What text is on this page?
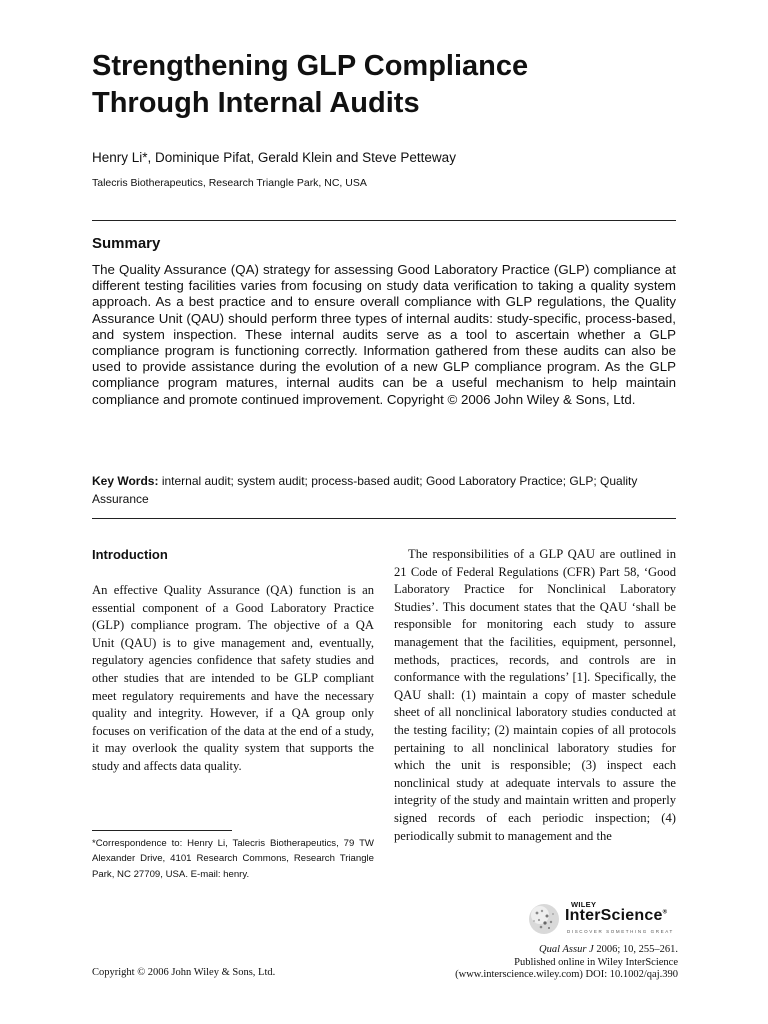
Strengthening GLP Compliance
Through Internal Audits
Henry Li*, Dominique Pifat, Gerald Klein and Steve Petteway
Talecris Biotherapeutics, Research Triangle Park, NC, USA
Summary

The Quality Assurance (QA) strategy for assessing Good Laboratory Practice (GLP) compliance at different testing facilities varies from focusing on study data verification to taking a quality system approach. As a best practice and to ensure overall compliance with GLP regulations, the Quality Assurance Unit (QAU) should perform three types of internal audits: study-specific, process-based, and system inspection. These internal audits serve as a tool to ascertain whether a GLP compliance program is functioning correctly. Information gathered from these audits can also be used to provide assistance during the evolution of a new GLP compliance program. As the GLP compliance program matures, internal audits can be a useful mechanism to help maintain compliance and promote continued improvement. Copyright © 2006 John Wiley & Sons, Ltd.

Key Words: internal audit; system audit; process-based audit; Good Laboratory Practice; GLP; Quality Assurance

Introduction

An effective Quality Assurance (QA) function is an essential component of a Good Laboratory Practice (GLP) compliance program. The objective of a QA Unit (QAU) is to give management and, eventually, regulatory agencies confidence that safety studies and other studies that are intended to be GLP compliant meet regulatory requirements and have the necessary quality and integrity. However, if a QA group only focuses on verification of the data at the end of a study, it may overlook the quality system that supports the study and affects data quality.

The responsibilities of a GLP QAU are outlined in 21 Code of Federal Regulations (CFR) Part 58, ‘Good Laboratory Practice for Nonclinical Laboratory Studies’. This document states that the QAU ‘shall be responsible for monitoring each study to assure management that the facilities, equipment, personnel, methods, practices, records, and controls are in conformance with the regulations’ [1]. Specifically, the QAU shall: (1) maintain a copy of master schedule sheet of all nonclinical laboratory studies conducted at the testing facility; (2) maintain copies of all protocols pertaining to all nonclinical laboratory studies for which the unit is responsible; (3) inspect each nonclinical study at adequate intervals to assure the integrity of the study and maintain written and properly signed records of each periodic inspection; (4) periodically submit to management and the

*Correspondence to: Henry Li, Talecris Biotherapeutics, 79 TW Alexander Drive, 4101 Research Commons, Research Triangle Park, NC 27709, USA. E-mail: henry.

WILEY
InterScience®
DISCOVER SOMETHING GREAT

Qual Assur J 2006; 10, 255–261.
Published online in Wiley InterScience
(www.interscience.wiley.com) DOI: 10.1002/qaj.390

Copyright © 2006 John Wiley & Sons, Ltd.
